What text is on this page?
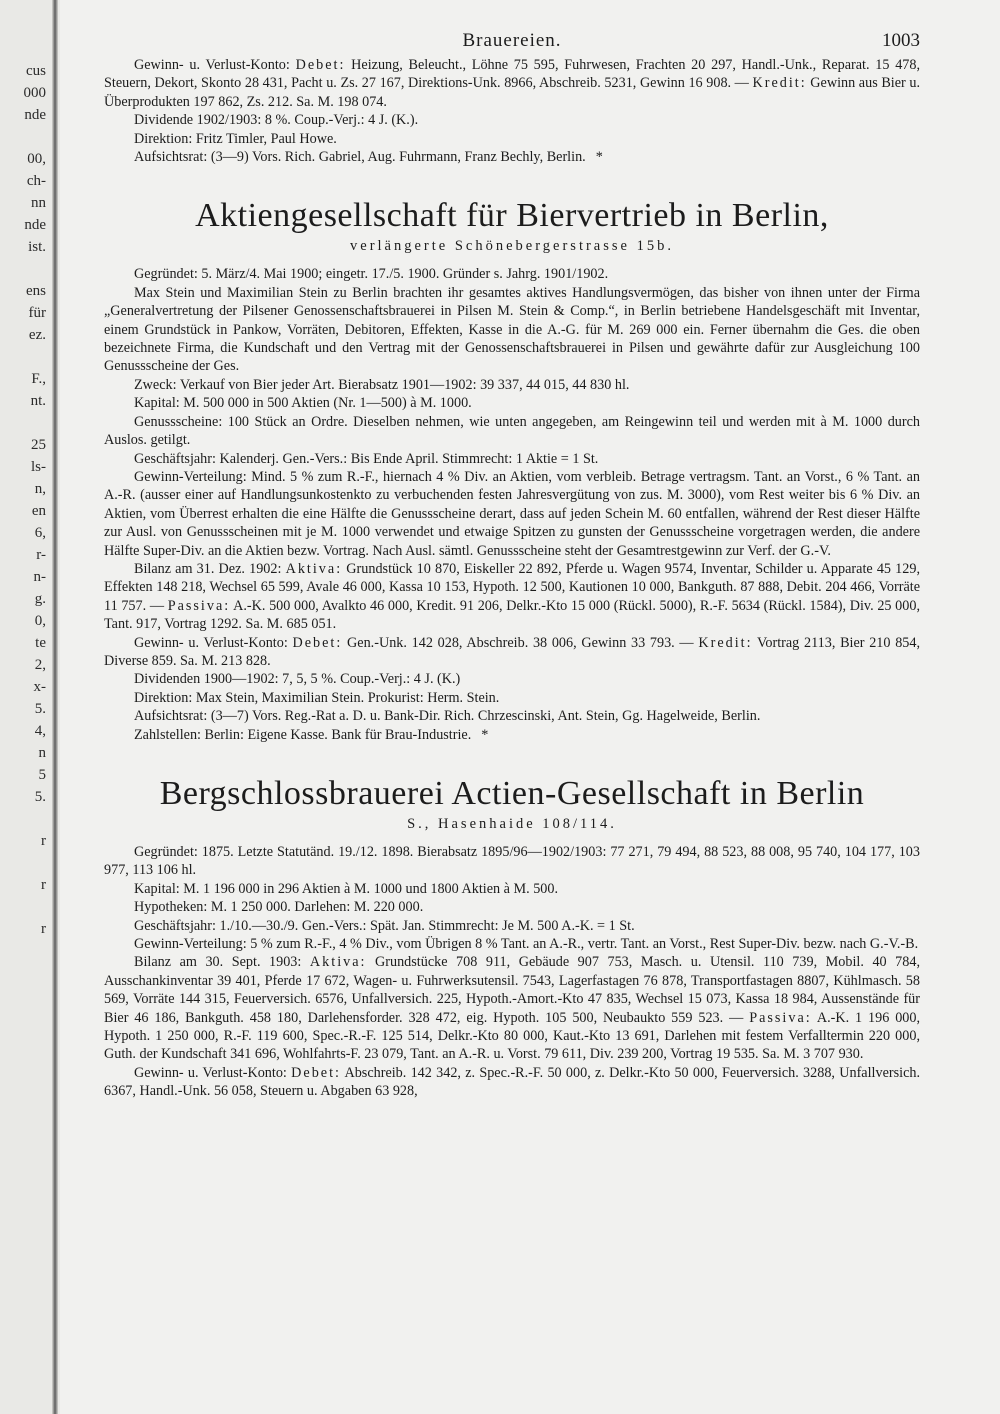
cus
000
nde
00,
ch-
nn
nde
ist.
ens
für
ez.
F.,
nt.
25
ls-
n,
en
6,
r-
n-
g.
0,
te
2,
x-
5.
4,
n
5
5.
r
r
r
Brauereien.	1003

Gewinn- u. Verlust-Konto: Debet: Heizung, Beleucht., Löhne 75 595, Fuhrwesen, Frachten 20 297, Handl.-Unk., Reparat. 15 478, Steuern, Dekort, Skonto 28 431, Pacht u. Zs. 27 167, Direktions-Unk. 8966, Abschreib. 5231, Gewinn 16 908. — Kredit: Gewinn aus Bier u. Überprodukten 197 862, Zs. 212. Sa. M. 198 074.

Dividende 1902/1903: 8 %. Coup.-Verj.: 4 J. (K.).

Direktion: Fritz Timler, Paul Howe.

Aufsichtsrat: (3—9) Vors. Rich. Gabriel, Aug. Fuhrmann, Franz Bechly, Berlin. *

Aktiengesellschaft für Biervertrieb in Berlin,
verlängerte Schönebergerstrasse 15b.

Gegründet: 5. März/4. Mai 1900; eingetr. 17./5. 1900. Gründer s. Jahrg. 1901/1902.

Max Stein und Maximilian Stein zu Berlin brachten ihr gesamtes aktives Handlungsvermögen, das bisher von ihnen unter der Firma „Generalvertretung der Pilsener Genossenschaftsbrauerei in Pilsen M. Stein & Comp.“, in Berlin betriebene Handelsgeschäft mit Inventar, einem Grundstück in Pankow, Vorräten, Debitoren, Effekten, Kasse in die A.-G. für M. 269 000 ein. Ferner übernahm die Ges. die oben bezeichnete Firma, die Kundschaft und den Vertrag mit der Genossenschaftsbrauerei in Pilsen und gewährte dafür zur Ausgleichung 100 Genussscheine der Ges.

Zweck: Verkauf von Bier jeder Art. Bierabsatz 1901—1902: 39 337, 44 015, 44 830 hl.

Kapital: M. 500 000 in 500 Aktien (Nr. 1—500) à M. 1000.

Genussscheine: 100 Stück an Ordre. Dieselben nehmen, wie unten angegeben, am Reingewinn teil und werden mit à M. 1000 durch Auslos. getilgt.

Geschäftsjahr: Kalenderj. Gen.-Vers.: Bis Ende April. Stimmrecht: 1 Aktie = 1 St.

Gewinn-Verteilung: Mind. 5 % zum R.-F., hiernach 4 % Div. an Aktien, vom verbleib. Betrage vertragsm. Tant. an Vorst., 6 % Tant. an A.-R. (ausser einer auf Handlungsunkostenkto zu verbuchenden festen Jahresvergütung von zus. M. 3000), vom Rest weiter bis 6 % Div. an Aktien, vom Überrest erhalten die eine Hälfte die Genussscheine derart, dass auf jeden Schein M. 60 entfallen, während der Rest dieser Hälfte zur Ausl. von Genussscheinen mit je M. 1000 verwendet und etwaige Spitzen zu gunsten der Genussscheine vorgetragen werden, die andere Hälfte Super-Div. an die Aktien bezw. Vortrag. Nach Ausl. sämtl. Genussscheine steht der Gesamtrestgewinn zur Verf. der G.-V.

Bilanz am 31. Dez. 1902: Aktiva: Grundstück 10 870, Eiskeller 22 892, Pferde u. Wagen 9574, Inventar, Schilder u. Apparate 45 129, Effekten 148 218, Wechsel 65 599, Avale 46 000, Kassa 10 153, Hypoth. 12 500, Kautionen 10 000, Bankguth. 87 888, Debit. 204 466, Vorräte 11 757. — Passiva: A.-K. 500 000, Avalkto 46 000, Kredit. 91 206, Delkr.-Kto 15 000 (Rückl. 5000), R.-F. 5634 (Rückl. 1584), Div. 25 000, Tant. 917, Vortrag 1292. Sa. M. 685 051.

Gewinn- u. Verlust-Konto: Debet: Gen.-Unk. 142 028, Abschreib. 38 006, Gewinn 33 793. — Kredit: Vortrag 2113, Bier 210 854, Diverse 859. Sa. M. 213 828.

Dividenden 1900—1902: 7, 5, 5 %. Coup.-Verj.: 4 J. (K.)

Direktion: Max Stein, Maximilian Stein. Prokurist: Herm. Stein.

Aufsichtsrat: (3—7) Vors. Reg.-Rat a. D. u. Bank-Dir. Rich. Chrzescinski, Ant. Stein, Gg. Hagelweide, Berlin.

Zahlstellen: Berlin: Eigene Kasse. Bank für Brau-Industrie. *

Bergschlossbrauerei Actien-Gesellschaft in Berlin
S., Hasenhaide 108/114.

Gegründet: 1875. Letzte Statutänd. 19./12. 1898. Bierabsatz 1895/96—1902/1903: 77 271, 79 494, 88 523, 88 008, 95 740, 104 177, 103 977, 113 106 hl.

Kapital: M. 1 196 000 in 296 Aktien à M. 1000 und 1800 Aktien à M. 500.

Hypotheken: M. 1 250 000. Darlehen: M. 220 000.

Geschäftsjahr: 1./10.—30./9. Gen.-Vers.: Spät. Jan. Stimmrecht: Je M. 500 A.-K. = 1 St.

Gewinn-Verteilung: 5 % zum R.-F., 4 % Div., vom Übrigen 8 % Tant. an A.-R., vertr. Tant. an Vorst., Rest Super-Div. bezw. nach G.-V.-B.

Bilanz am 30. Sept. 1903: Aktiva: Grundstücke 708 911, Gebäude 907 753, Masch. u. Utensil. 110 739, Mobil. 40 784, Ausschankinventar 39 401, Pferde 17 672, Wagen- u. Fuhrwerksutensil. 7543, Lagerfastagen 76 878, Transportfastagen 8807, Kühlmasch. 58 569, Vorräte 144 315, Feuerversich. 6576, Unfallversich. 225, Hypoth.-Amort.-Kto 47 835, Wechsel 15 073, Kassa 18 984, Aussenstände für Bier 46 186, Bankguth. 458 180, Darlehensforder. 328 472, eig. Hypoth. 105 500, Neubaukto 559 523. — Passiva: A.-K. 1 196 000, Hypoth. 1 250 000, R.-F. 119 600, Spec.-R.-F. 125 514, Delkr.-Kto 80 000, Kaut.-Kto 13 691, Darlehen mit festem Verfalltermin 220 000, Guth. der Kundschaft 341 696, Wohlfahrts-F. 23 079, Tant. an A.-R. u. Vorst. 79 611, Div. 239 200, Vortrag 19 535. Sa. M. 3 707 930.

Gewinn- u. Verlust-Konto: Debet: Abschreib. 142 342, z. Spec.-R.-F. 50 000, z. Delkr.-Kto 50 000, Feuerversich. 3288, Unfallversich. 6367, Handl.-Unk. 56 058, Steuern u. Abgaben 63 928,
